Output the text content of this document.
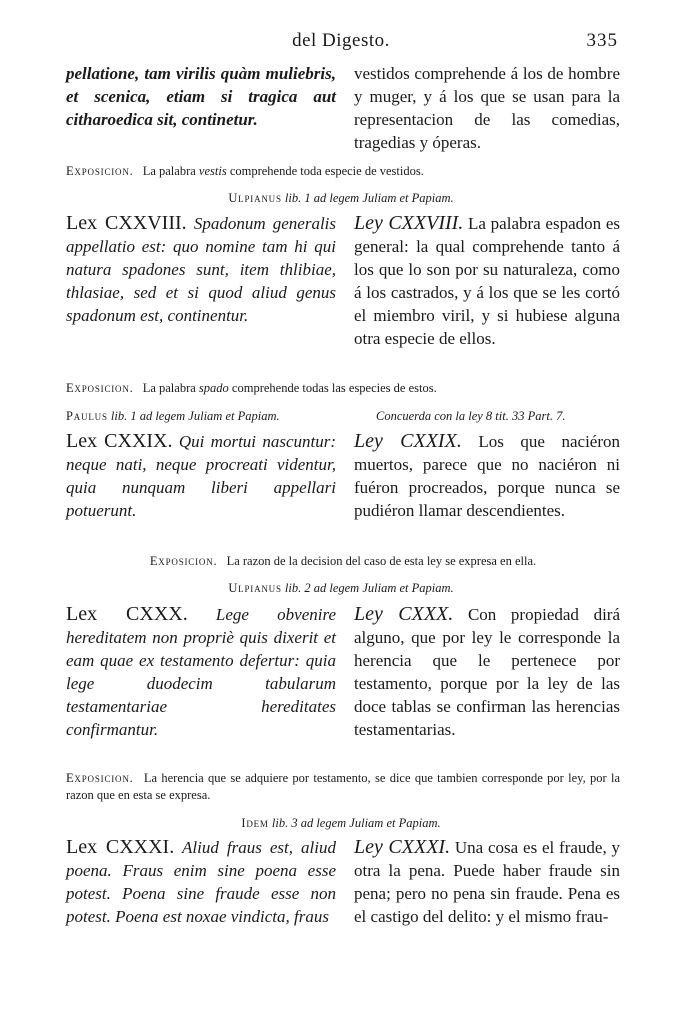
del Digesto.	335
pellatione, tam virilis quàm muliebris, et scenica, etiam si tragica aut citharoedica sit, continetur.
vestidos comprehende á los de hombre y muger, y á los que se usan para la representacion de las comedias, tragedias y óperas.
Exposicion. La palabra vestis comprehende toda especie de vestidos.
Ulpianus lib. 1 ad legem Juliam et Papiam.
Lex CXXVIII. Spadonum generalis appellatio est: quo nomine tam hi qui natura spadones sunt, item thlibiae, thlasiae, sed et si quod aliud genus spadonum est, continentur.
Ley CXXVIII. La palabra espadon es general: la qual comprehende tanto á los que lo son por su naturaleza, como á los castrados, y á los que se les cortó el miembro viril, y si hubiese alguna otra especie de ellos.
Exposicion. La palabra spado comprehende todas las especies de estos.
Paulus lib. 1 ad legem Juliam et Papiam.	Concuerda con la ley 8 tit. 33 Part. 7.
Lex CXXIX. Qui mortui nascuntur: neque nati, neque procreati videntur, quia nunquam liberi appellari potuerunt.
Ley CXXIX. Los que naciéron muertos, parece que no naciéron ni fuéron procreados, porque nunca se pudiéron llamar descendientes.
Exposicion. La razon de la decision del caso de esta ley se expresa en ella.
Ulpianus lib. 2 ad legem Juliam et Papiam.
Lex CXXX. Lege obvenire hereditatem non propriè quis dixerit et eam quae ex testamento defertur: quia lege duodecim tabularum testamentariae hereditates confirmantur.
Ley CXXX. Con propiedad dirá alguno, que por ley le corresponde la herencia que le pertenece por testamento, porque por la ley de las doce tablas se confirman las herencias testamentarias.
Exposicion. La herencia que se adquiere por testamento, se dice que tambien corresponde por ley, por la razon que en esta se expresa.
Idem lib. 3 ad legem Juliam et Papiam.
Lex CXXXI. Aliud fraus est, aliud poena. Fraus enim sine poena esse potest. Poena sine fraude esse non potest. Poena est noxae vindicta, fraus
Ley CXXXI. Una cosa es el fraude, y otra la pena. Puede haber fraude sin pena; pero no pena sin fraude. Pena es el castigo del delito: y el mismo frau-
